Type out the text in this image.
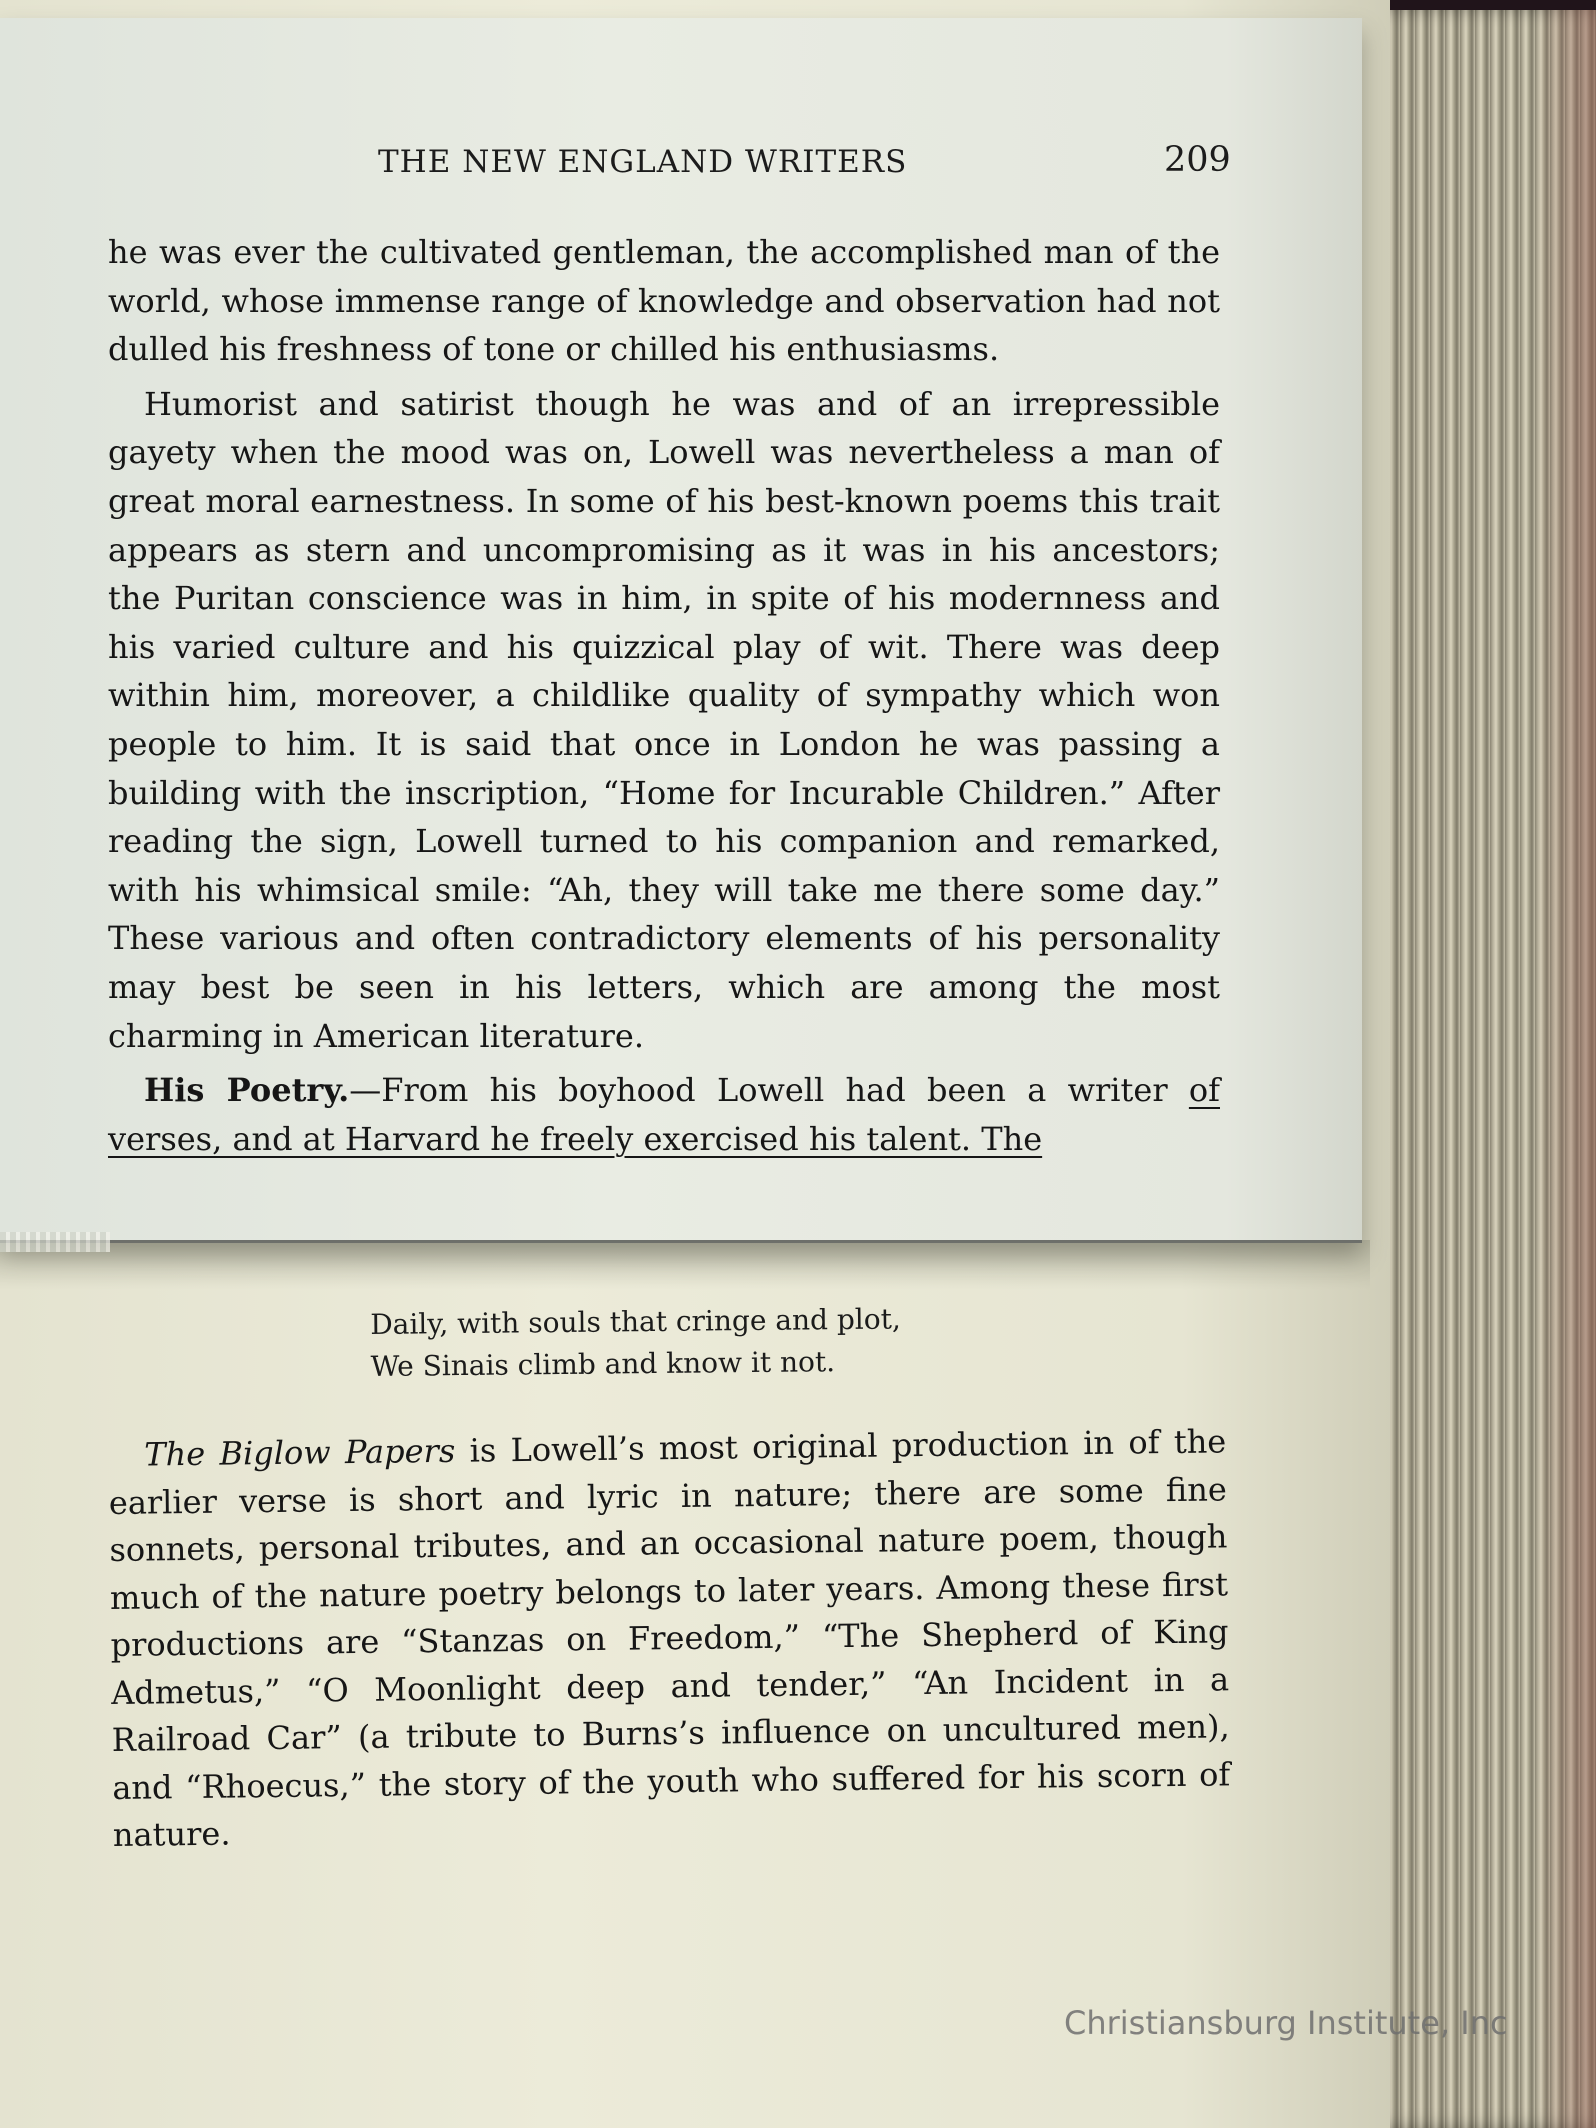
Daily, with souls that cringe and plot,
We Sinais climb and know it not.

The Biglow Papers is Lowell’s most original production in of the earlier verse is short and lyric in nature; there are some fine sonnets, personal tributes, and an occasional nature poem, though much of the nature poetry belongs to later years. Among these first productions are “Stanzas on Freedom,” “The Shepherd of King Admetus,” “O Moonlight deep and tender,” “An Incident in a Railroad Car” (a tribute to Burns’s influence on uncultured men), and “Rhoecus,” the story of the youth who suffered for his scorn of nature.

THE NEW ENGLAND WRITERS	209

he was ever the cultivated gentleman, the accomplished man of the world, whose immense range of knowledge and observation had not dulled his freshness of tone or chilled his enthusiasms.

Humorist and satirist though he was and of an irrepressible gayety when the mood was on, Lowell was nevertheless a man of great moral earnestness. In some of his best-known poems this trait appears as stern and uncompromising as it was in his ancestors; the Puritan conscience was in him, in spite of his modernness and his varied culture and his quizzical play of wit. There was deep within him, moreover, a childlike quality of sympathy which won people to him. It is said that once in London he was passing a building with the inscription, “Home for Incurable Children.” After reading the sign, Lowell turned to his companion and remarked, with his whimsical smile: “Ah, they will take me there some day.” These various and often contradictory elements of his personality may best be seen in his letters, which are among the most charming in American literature.

His Poetry.—From his boyhood Lowell had been a writer of verses, and at Harvard he freely exercised his talent. The

Christiansburg Institute, Inc
